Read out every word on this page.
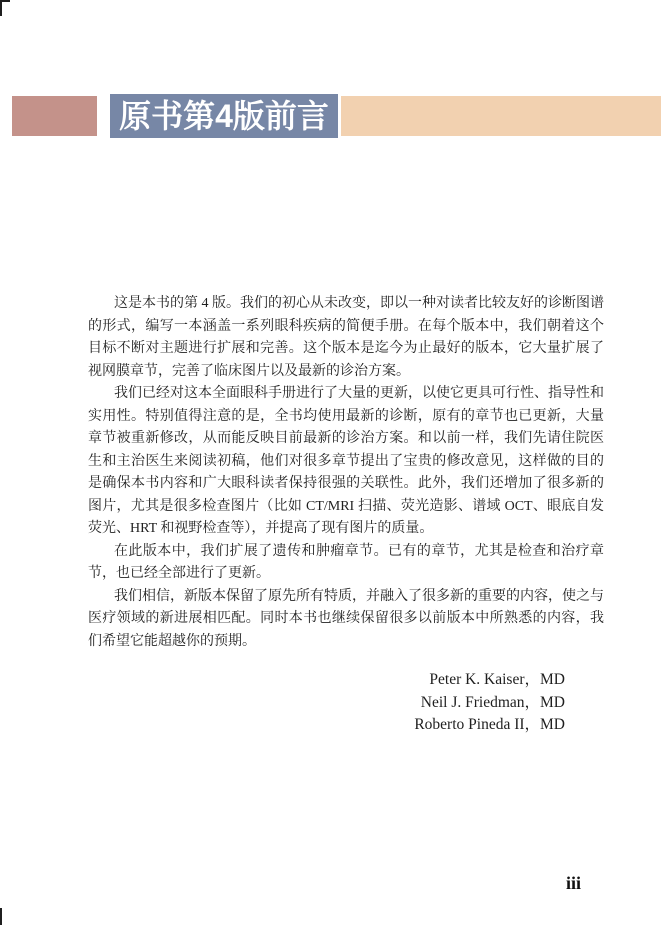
原书第4版前言

这是本书的第 4 版。我们的初心从未改变，即以一种对读者比较友好的诊断图谱的形式，编写一本涵盖一系列眼科疾病的简便手册。在每个版本中，我们朝着这个目标不断对主题进行扩展和完善。这个版本是迄今为止最好的版本，它大量扩展了视网膜章节，完善了临床图片以及最新的诊治方案。

我们已经对这本全面眼科手册进行了大量的更新，以使它更具可行性、指导性和实用性。特别值得注意的是，全书均使用最新的诊断，原有的章节也已更新，大量章节被重新修改，从而能反映目前最新的诊治方案。和以前一样，我们先请住院医生和主治医生来阅读初稿，他们对很多章节提出了宝贵的修改意见，这样做的目的是确保本书内容和广大眼科读者保持很强的关联性。此外，我们还增加了很多新的图片，尤其是很多检查图片（比如 CT/MRI 扫描、荧光造影、谱域 OCT、眼底自发荧光、HRT 和视野检查等），并提高了现有图片的质量。

在此版本中，我们扩展了遗传和肿瘤章节。已有的章节，尤其是检查和治疗章节，也已经全部进行了更新。

我们相信，新版本保留了原先所有特质，并融入了很多新的重要的内容，使之与医疗领域的新进展相匹配。同时本书也继续保留很多以前版本中所熟悉的内容，我们希望它能超越你的预期。

Peter K. Kaiser，MD
Neil J. Friedman，MD
Roberto Pineda II，MD
iii
